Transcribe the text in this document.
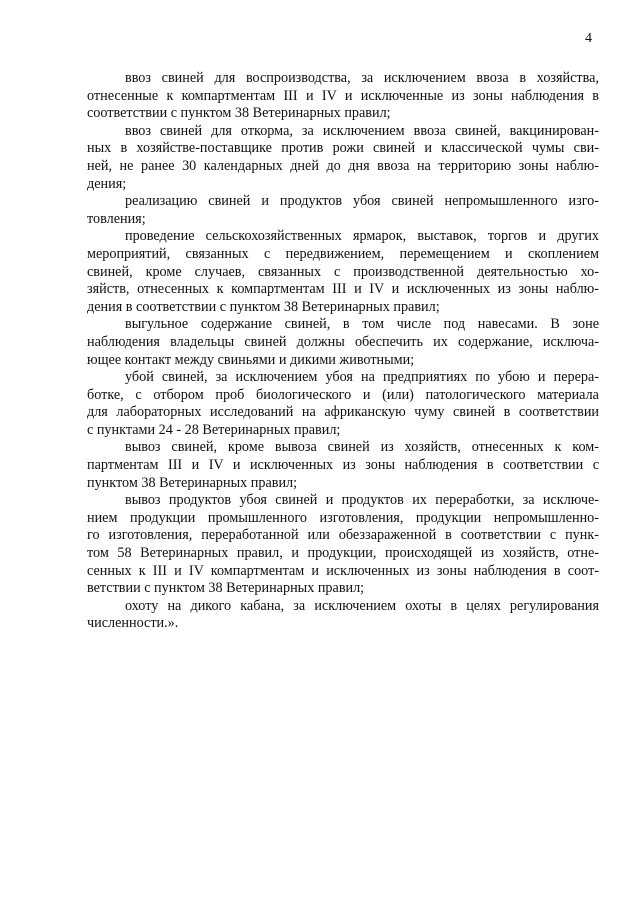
4
ввоз свиней для воспроизводства, за исключением ввоза в хозяйства,
отнесенные к компартментам III и IV и исключенные из зоны наблюдения в
соответствии с пунктом 38 Ветеринарных правил;
ввоз свиней для откорма, за исключением ввоза свиней, вакцинирован-
ных в хозяйстве-поставщике против рожи свиней и классической чумы сви-
ней, не ранее 30 календарных дней до дня ввоза на территорию зоны наблю-
дения;
реализацию свиней и продуктов убоя свиней непромышленного изго-
товления;
проведение сельскохозяйственных ярмарок, выставок, торгов и других
мероприятий, связанных с передвижением, перемещением и скоплением
свиней, кроме случаев, связанных с производственной деятельностью хо-
зяйств, отнесенных к компартментам III и IV и исключенных из зоны наблю-
дения в соответствии с пунктом 38 Ветеринарных правил;
выгульное содержание свиней, в том числе под навесами. В зоне
наблюдения владельцы свиней должны обеспечить их содержание, исключа-
ющее контакт между свиньями и дикими животными;
убой свиней, за исключением убоя на предприятиях по убою и перера-
ботке, с отбором проб биологического и (или) патологического материала
для лабораторных исследований на африканскую чуму свиней в соответствии
с пунктами 24 - 28 Ветеринарных правил;
вывоз свиней, кроме вывоза свиней из хозяйств, отнесенных к ком-
партментам III и IV и исключенных из зоны наблюдения в соответствии с
пунктом 38 Ветеринарных правил;
вывоз продуктов убоя свиней и продуктов их переработки, за исключе-
нием продукции промышленного изготовления, продукции непромышленно-
го изготовления, переработанной или обеззараженной в соответствии с пунк-
том 58 Ветеринарных правил, и продукции, происходящей из хозяйств, отне-
сенных к III и IV компартментам и исключенных из зоны наблюдения в соот-
ветствии с пунктом 38 Ветеринарных правил;
охоту на дикого кабана, за исключением охоты в целях регулирования
численности.».
